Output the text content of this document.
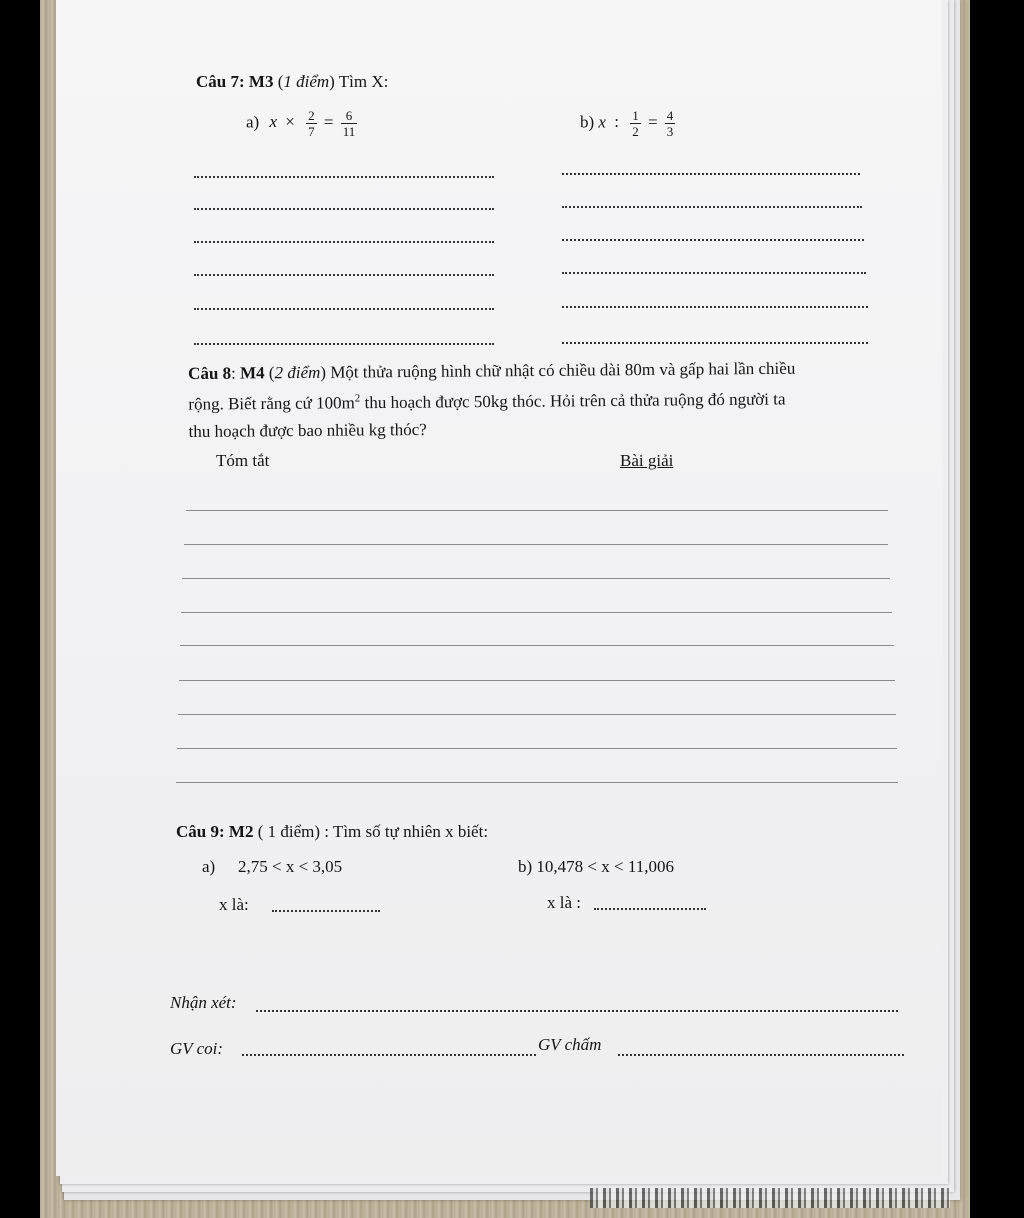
Câu 7: M3 (1 điểm) Tìm X:
a) $x \times \frac{2}{7} = \frac{6}{11}$	b) x : $\frac{1}{2} = \frac{4}{3}$
Câu 8: M4 (2 điểm) Một thửa ruộng hình chữ nhật có chiều dài 80m và gấp hai lần chiều
rộng. Biết rằng cứ $100m^2$ thu hoạch được 50kg thóc. Hỏi trên cả thửa ruộng đó người ta
thu hoạch được bao nhiều kg thóc?
Tóm tắt	Bài giải
Câu 9: M2 ( 1 điểm) : Tìm số tự nhiên x biết:
a) 2,75 < x < 3,05	b) 10,478 < x < 11,006
x là:	x là :
Nhận xét:
GV coi:	GV chấm
